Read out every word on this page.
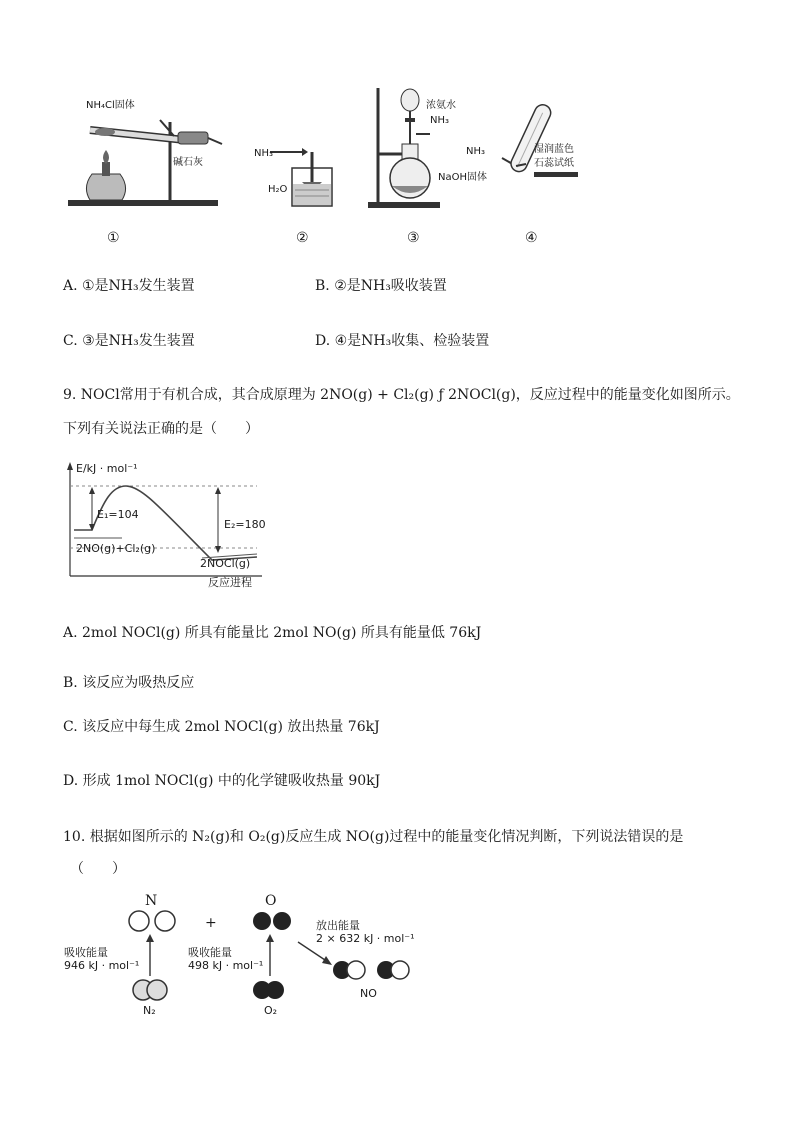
NH₄Cl固体
碱石灰
NH₃
H₂O
浓氨水
NH₃
NaOH固体
NH₃	湿润蓝色
石蕊试纸
①	②	③	④
A. ①是NH₃发生装置	B. ②是NH₃吸收装置
C. ③是NH₃发生装置	D. ④是NH₃收集、检验装置
9. NOCl常用于有机合成，其合成原理为 2NO(g) + Cl₂(g) ƒ 2NOCl(g)，反应过程中的能量变化如图所示。
下列有关说法正确的是（　　）
E/kJ · mol⁻¹
E₁=104
E₂=180
2NO(g)+Cl₂(g)
2NOCl(g)
反应进程
A. 2mol NOCl(g) 所具有能量比 2mol NO(g) 所具有能量低 76kJ
B. 该反应为吸热反应
C. 该反应中每生成 2mol NOCl(g) 放出热量 76kJ
D. 形成 1mol NOCl(g) 中的化学键吸收热量 90kJ
10. 根据如图所示的 N₂(g)和 O₂(g)反应生成 NO(g)过程中的能量变化情况判断，下列说法错误的是
（　　）
N
+
O
吸收能量
946 kJ · mol⁻¹
吸收能量
498 kJ · mol⁻¹
放出能量
2 × 632 kJ · mol⁻¹
N₂	O₂
NO
